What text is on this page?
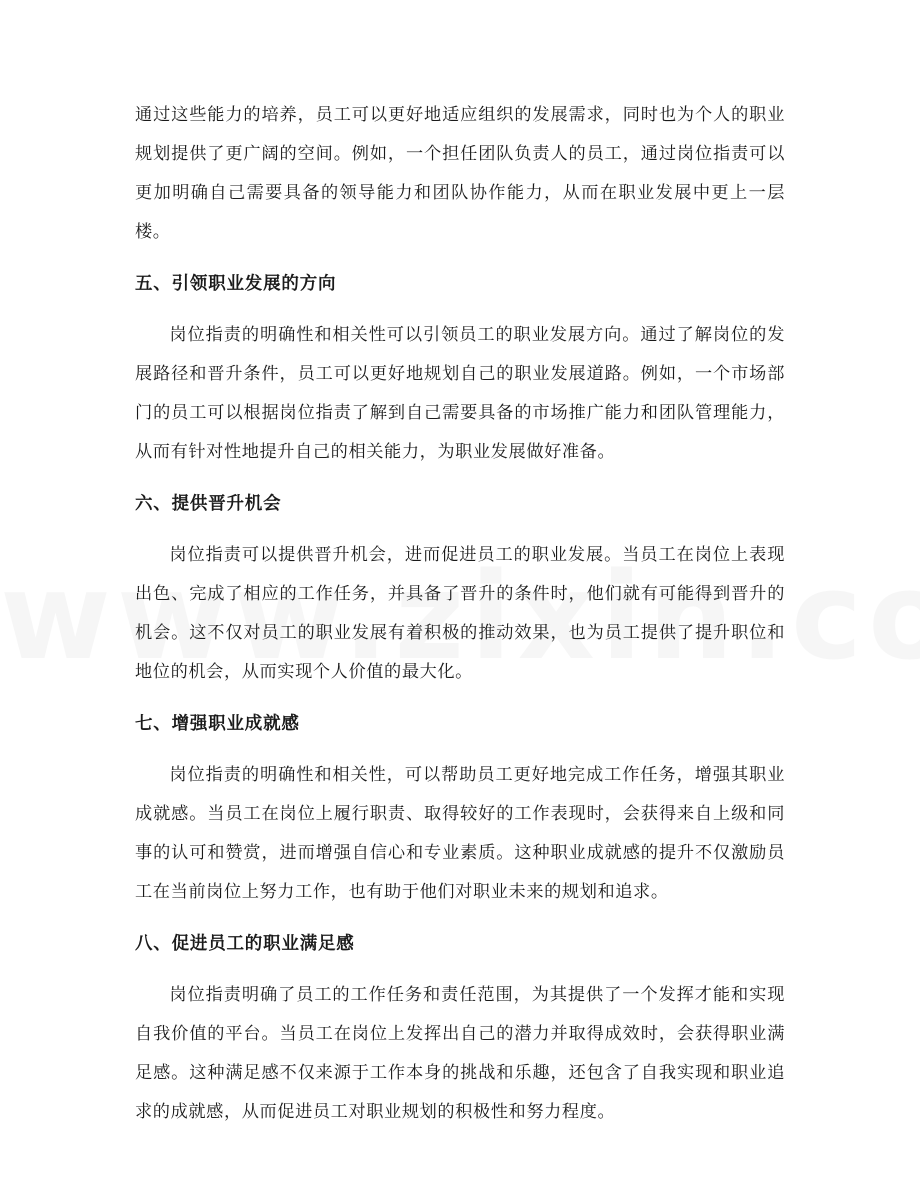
通过这些能力的培养，员工可以更好地适应组织的发展需求，同时也为个人的职业规划提供了更广阔的空间。例如，一个担任团队负责人的员工，通过岗位指责可以更加明确自己需要具备的领导能力和团队协作能力，从而在职业发展中更上一层楼。

五、引领职业发展的方向

岗位指责的明确性和相关性可以引领员工的职业发展方向。通过了解岗位的发展路径和晋升条件，员工可以更好地规划自己的职业发展道路。例如，一个市场部门的员工可以根据岗位指责了解到自己需要具备的市场推广能力和团队管理能力，从而有针对性地提升自己的相关能力，为职业发展做好准备。

六、提供晋升机会

岗位指责可以提供晋升机会，进而促进员工的职业发展。当员工在岗位上表现出色、完成了相应的工作任务，并具备了晋升的条件时，他们就有可能得到晋升的机会。这不仅对员工的职业发展有着积极的推动效果，也为员工提供了提升职位和地位的机会，从而实现个人价值的最大化。

七、增强职业成就感

岗位指责的明确性和相关性，可以帮助员工更好地完成工作任务，增强其职业成就感。当员工在岗位上履行职责、取得较好的工作表现时，会获得来自上级和同事的认可和赞赏，进而增强自信心和专业素质。这种职业成就感的提升不仅激励员工在当前岗位上努力工作，也有助于他们对职业未来的规划和追求。

八、促进员工的职业满足感

岗位指责明确了员工的工作任务和责任范围，为其提供了一个发挥才能和实现自我价值的平台。当员工在岗位上发挥出自己的潜力并取得成效时，会获得职业满足感。这种满足感不仅来源于工作本身的挑战和乐趣，还包含了自我实现和职业追求的成就感，从而促进员工对职业规划的积极性和努力程度。
